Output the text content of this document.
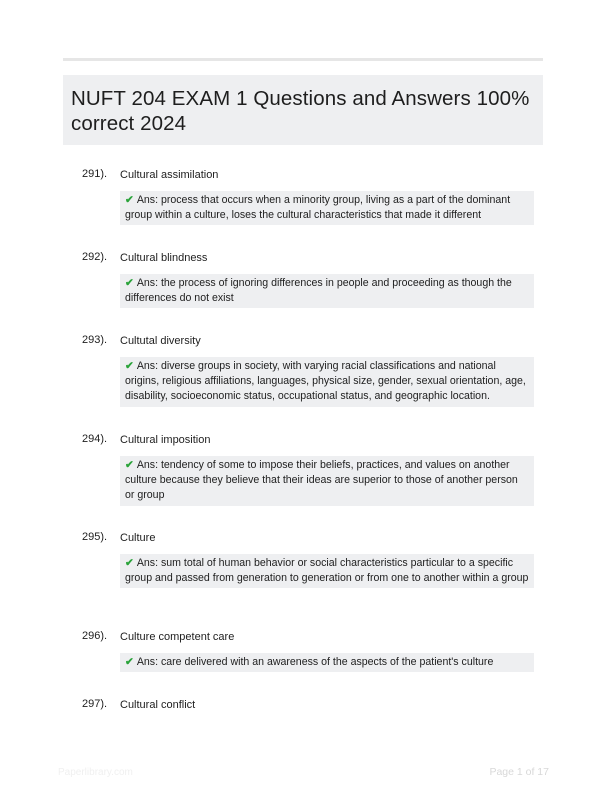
NUFT 204 EXAM 1 Questions and Answers 100% correct 2024
291). Cultural assimilation
✔ Ans: process that occurs when a minority group, living as a part of the dominant group within a culture, loses the cultural characteristics that made it different
292). Cultural blindness
✔ Ans: the process of ignoring differences in people and proceeding as though the differences do not exist
293). Cultutal diversity
✔ Ans: diverse groups in society, with varying racial classifications and national origins, religious affiliations, languages, physical size, gender, sexual orientation, age, disability, socioeconomic status, occupational status, and geographic location.
294). Cultural imposition
✔ Ans: tendency of some to impose their beliefs, practices, and values on another culture because they believe that their ideas are superior to those of another person or group
295). Culture
✔ Ans: sum total of human behavior or social characteristics particular to a specific group and passed from generation to generation or from one to another within a group
296). Culture competent care
✔ Ans: care delivered with an awareness of the aspects of the patient's culture
297). Cultural conflict
Paperlibrary.com	Page 1 of 17
